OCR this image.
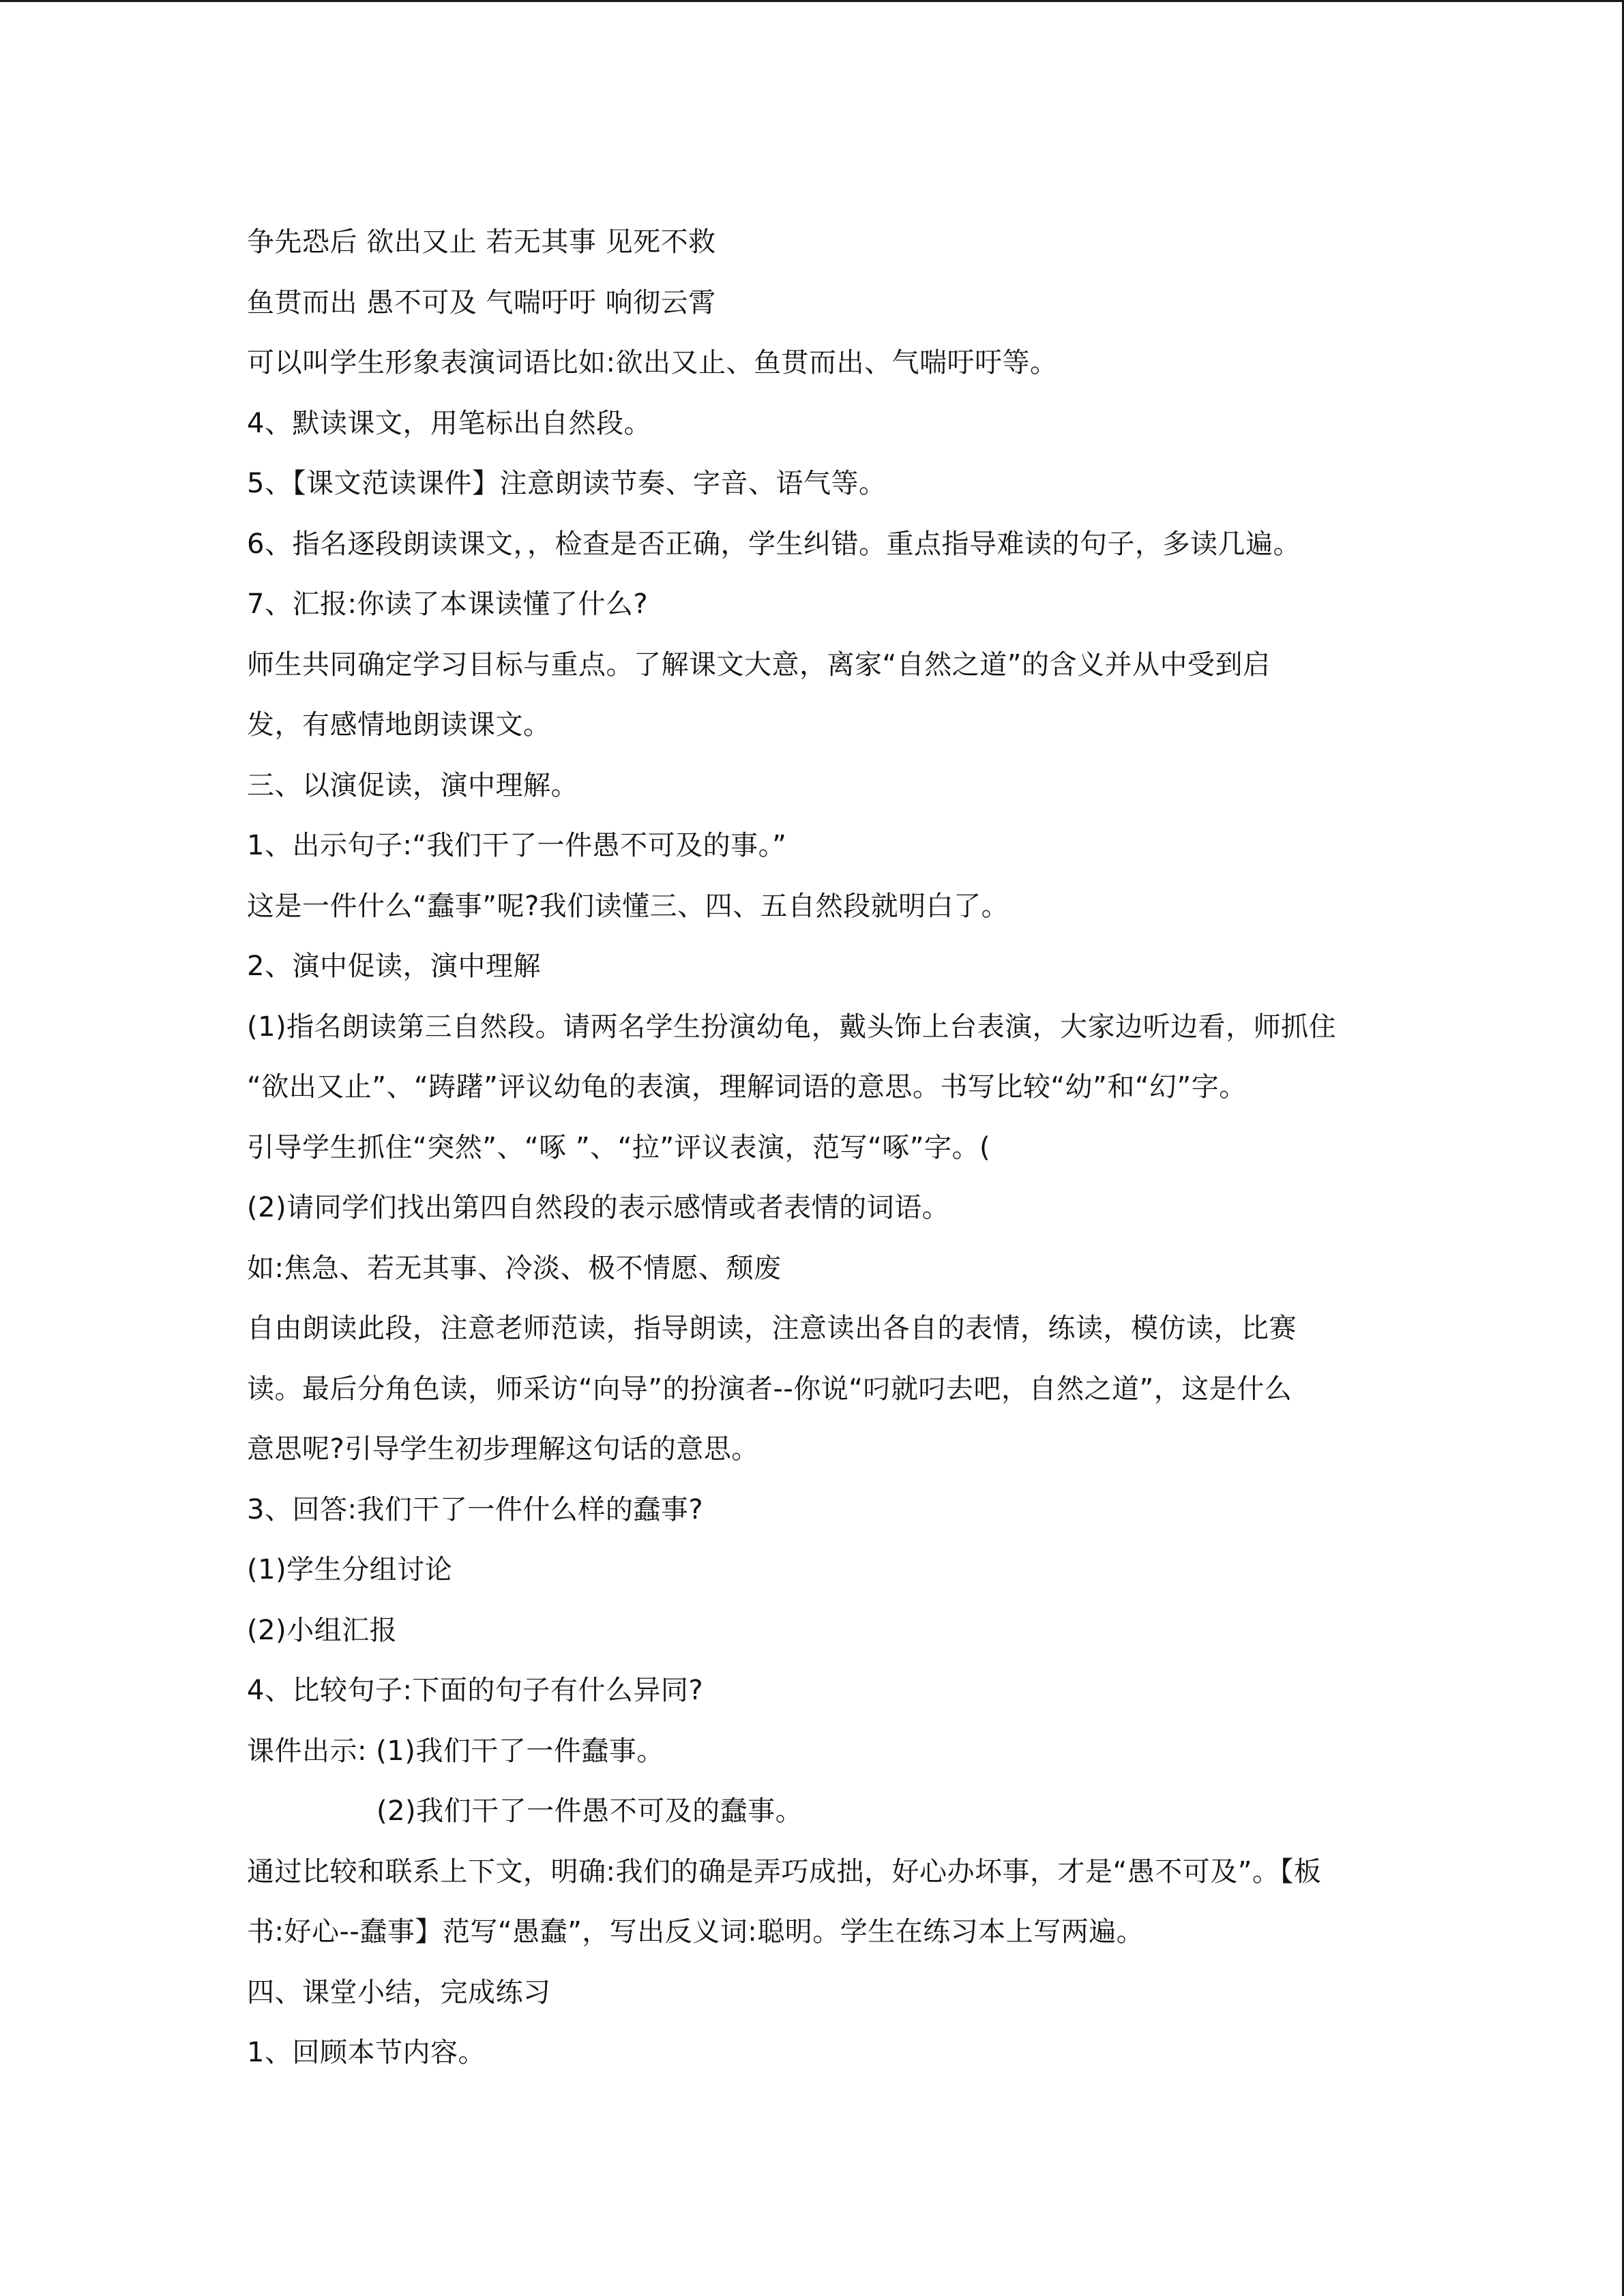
争先恐后 欲出又止 若无其事 见死不救
鱼贯而出 愚不可及 气喘吁吁 响彻云霄
可以叫学生形象表演词语比如:欲出又止、鱼贯而出、气喘吁吁等。
4、默读课文，用笔标出自然段。
5、【课文范读课件】注意朗读节奏、字音、语气等。
6、指名逐段朗读课文，，检查是否正确，学生纠错。重点指导难读的句子，多读几遍。
7、汇报:你读了本课读懂了什么?
师生共同确定学习目标与重点。了解课文大意，离家“自然之道”的含义并从中受到启
发，有感情地朗读课文。
三、以演促读，演中理解。
1、出示句子:“我们干了一件愚不可及的事。”
这是一件什么“蠢事”呢?我们读懂三、四、五自然段就明白了。
2、演中促读，演中理解
(1)指名朗读第三自然段。请两名学生扮演幼龟，戴头饰上台表演，大家边听边看，师抓住
“欲出又止”、“踌躇”评议幼龟的表演，理解词语的意思。书写比较“幼”和“幻”字。
引导学生抓住“突然”、“啄 ”、“拉”评议表演，范写“啄”字。(
(2)请同学们找出第四自然段的表示感情或者表情的词语。
如:焦急、若无其事、冷淡、极不情愿、颓废
自由朗读此段，注意老师范读，指导朗读，注意读出各自的表情，练读，模仿读，比赛
读。最后分角色读，师采访“向导”的扮演者--你说“叼就叼去吧，自然之道”，这是什么
意思呢?引导学生初步理解这句话的意思。
3、回答:我们干了一件什么样的蠢事?
(1)学生分组讨论
(2)小组汇报
4、比较句子:下面的句子有什么异同?
课件出示: (1)我们干了一件蠢事。
(2)我们干了一件愚不可及的蠢事。
通过比较和联系上下文，明确:我们的确是弄巧成拙，好心办坏事，才是“愚不可及”。【板
书:好心--蠢事】范写“愚蠢”，写出反义词:聪明。学生在练习本上写两遍。
四、课堂小结，完成练习
1、回顾本节内容。
